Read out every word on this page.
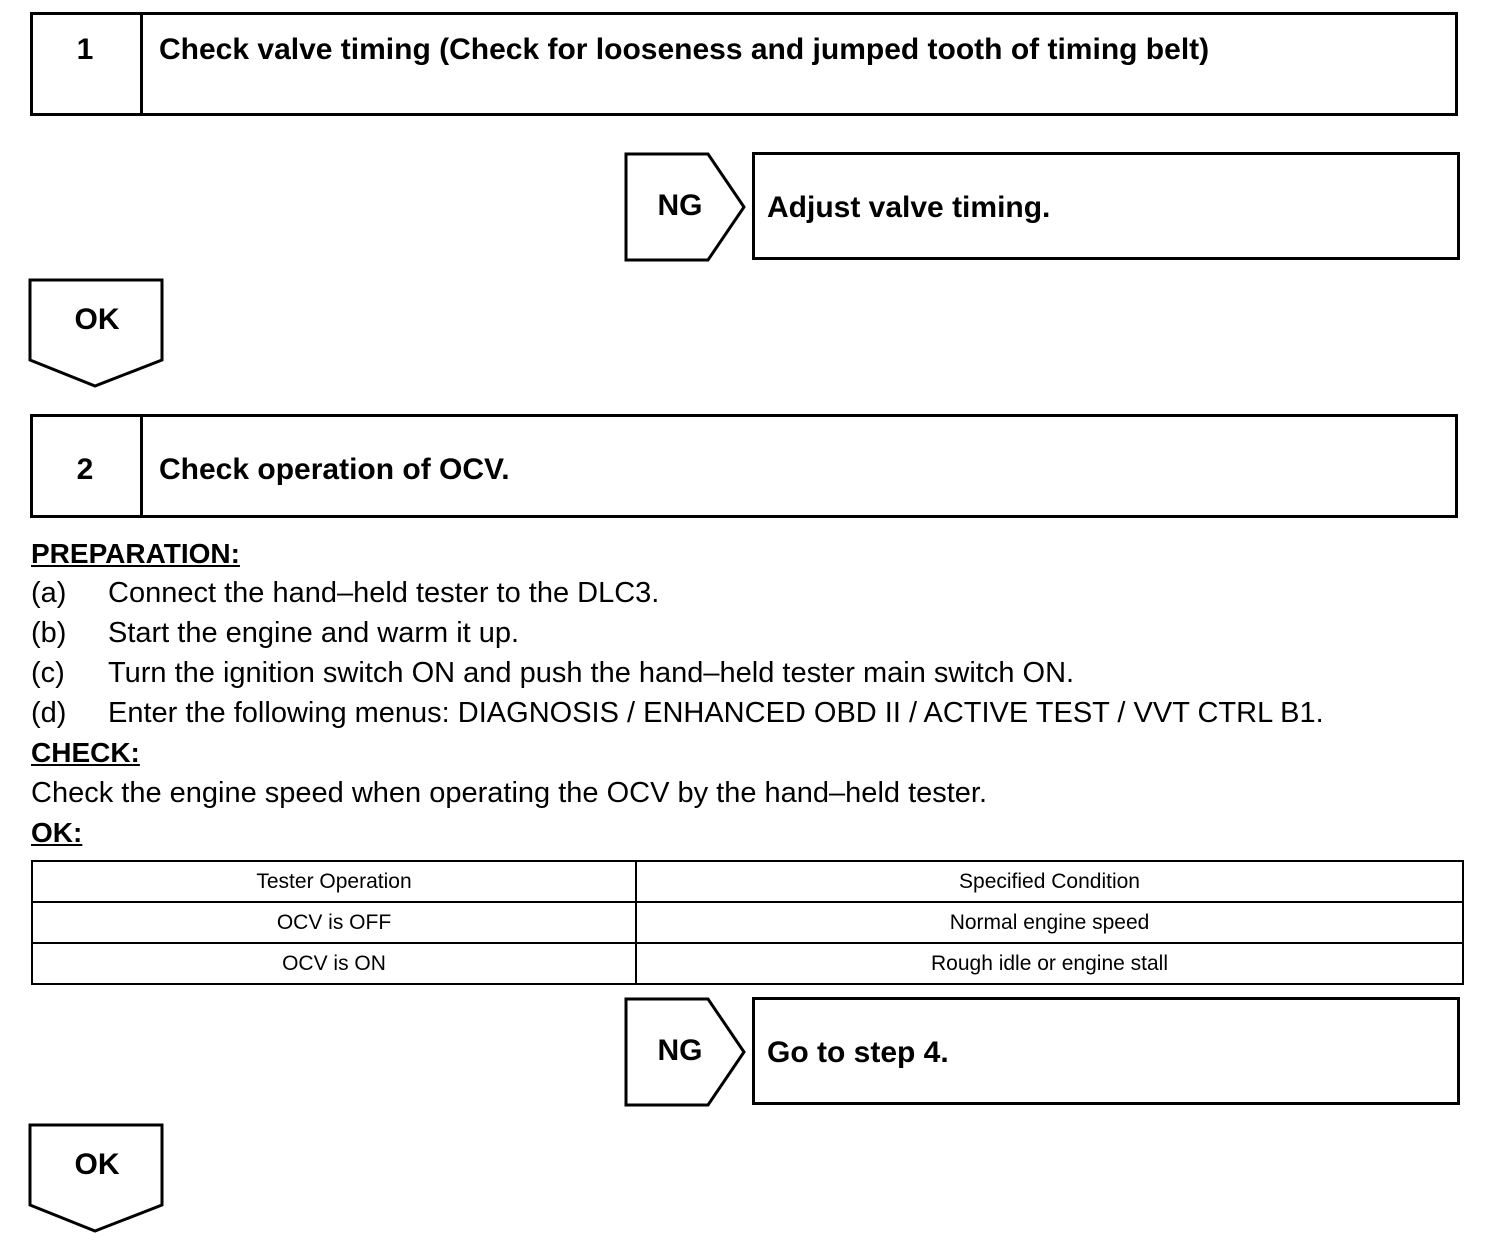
1	Check valve timing (Check for looseness and jumped tooth of timing belt)
NG	Adjust valve timing.
OK
2	Check operation of OCV.
PREPARATION:
(a) Connect the hand–held tester to the DLC3.
(b) Start the engine and warm it up.
(c) Turn the ignition switch ON and push the hand–held tester main switch ON.
(d) Enter the following menus: DIAGNOSIS / ENHANCED OBD II / ACTIVE TEST / VVT CTRL B1.
CHECK:
Check the engine speed when operating the OCV by the hand–held tester.
OK:
Tester Operation	Specified Condition
OCV is OFF	Normal engine speed
OCV is ON	Rough idle or engine stall
NG	Go to step 4.
OK
